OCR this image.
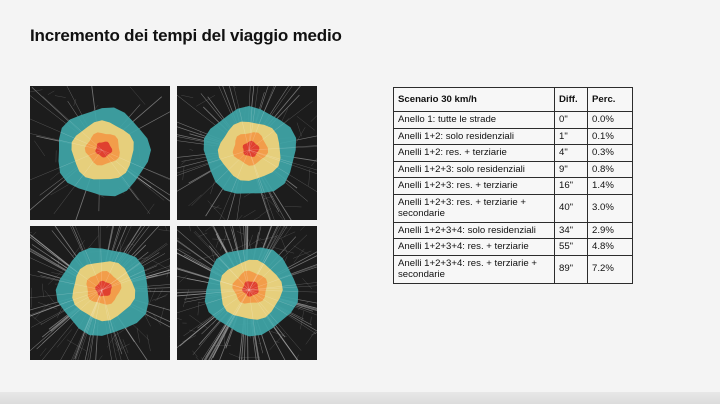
Incremento dei tempi del viaggio medio
Scenario 30 km/h	Diff.	Perc.
Anello 1: tutte le strade	0"	0.0%
Anelli 1+2: solo residenziali	1"	0.1%
Anelli 1+2: res. + terziarie	4"	0.3%
Anelli 1+2+3: solo residenziali	9"	0.8%
Anelli 1+2+3: res. + terziarie	16"	1.4%
Anelli 1+2+3: res. + terziarie + secondarie	40"	3.0%
Anelli 1+2+3+4: solo residenziali	34"	2.9%
Anelli 1+2+3+4: res. + terziarie	55"	4.8%
Anelli 1+2+3+4: res. + terziarie + secondarie	89"	7.2%
